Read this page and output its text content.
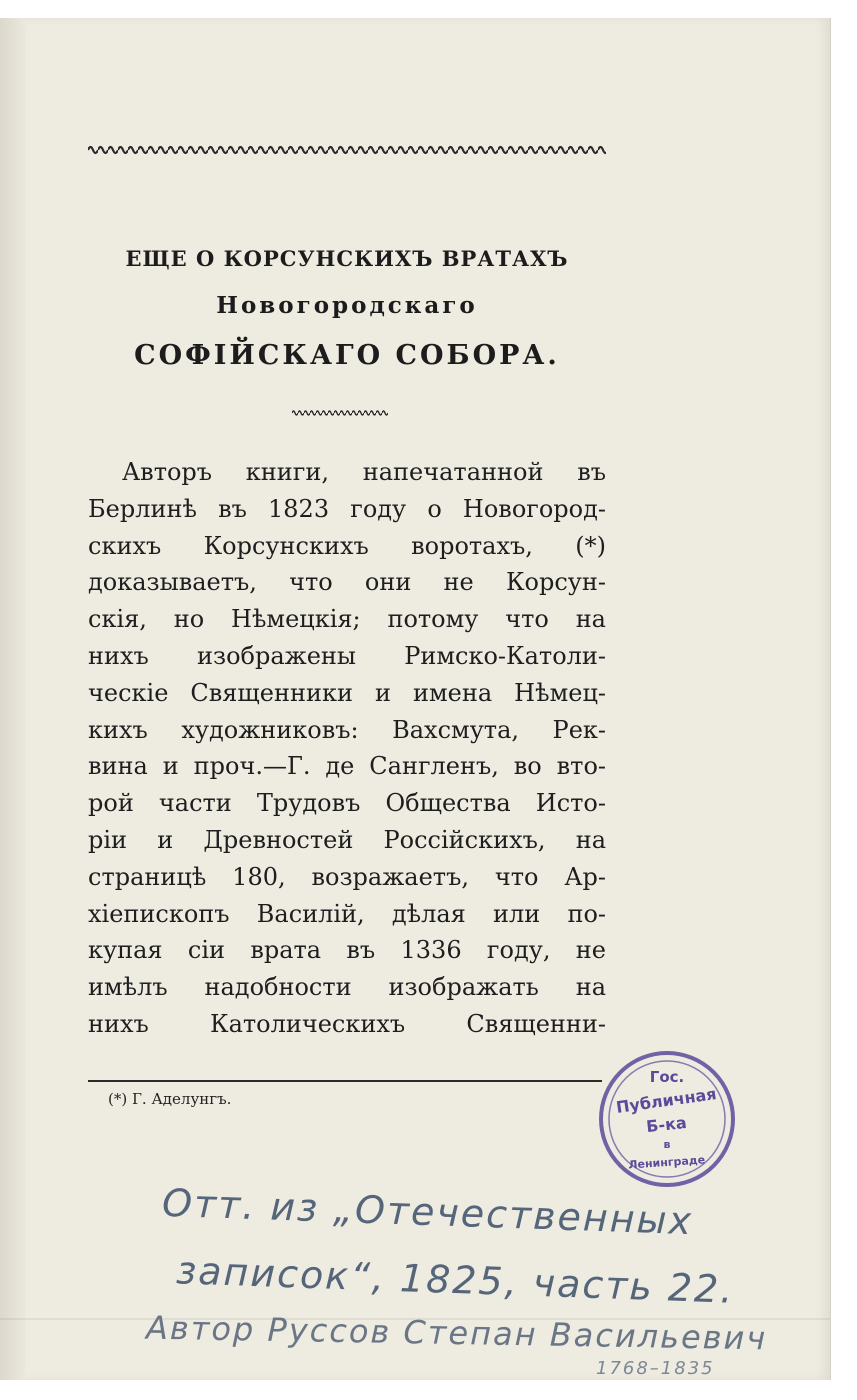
ЕЩЕ О КОРСУНСКИХЪ ВРАТАХЪ
Новогородскаго
СОФІЙСКАГО СОБОРА.
Авторъ книги, напечатанной въ
Берлинѣ въ 1823 году о Новогород-
скихъ Корсунскихъ воротахъ, (*)
доказываетъ, что они не Корсун-
скія, но Нѣмецкія; потому что на
нихъ изображены Римско-Католи-
ческіе Священники и имена Нѣмец-
кихъ художниковъ: Вахсмута, Рек-
вина и проч.—Г. де Сангленъ, во вто-
рой части Трудовъ Общества Исто-
ріи и Древностей Россійскихъ, на
страницѣ 180, возражаетъ, что Ар-
хіепископъ Василій, дѣлая или по-
купая сіи врата въ 1336 году, не
имѣлъ надобности изображать на
нихъ Католическихъ Священни-
(*) Г. Аделунгъ.
Гос.
Публичная
Б-ка
в
Ленинграде
Отт. из „Отечественных
записок“, 1825, часть 22.
Автор Руссов Степан Васильевич
1768–1835
